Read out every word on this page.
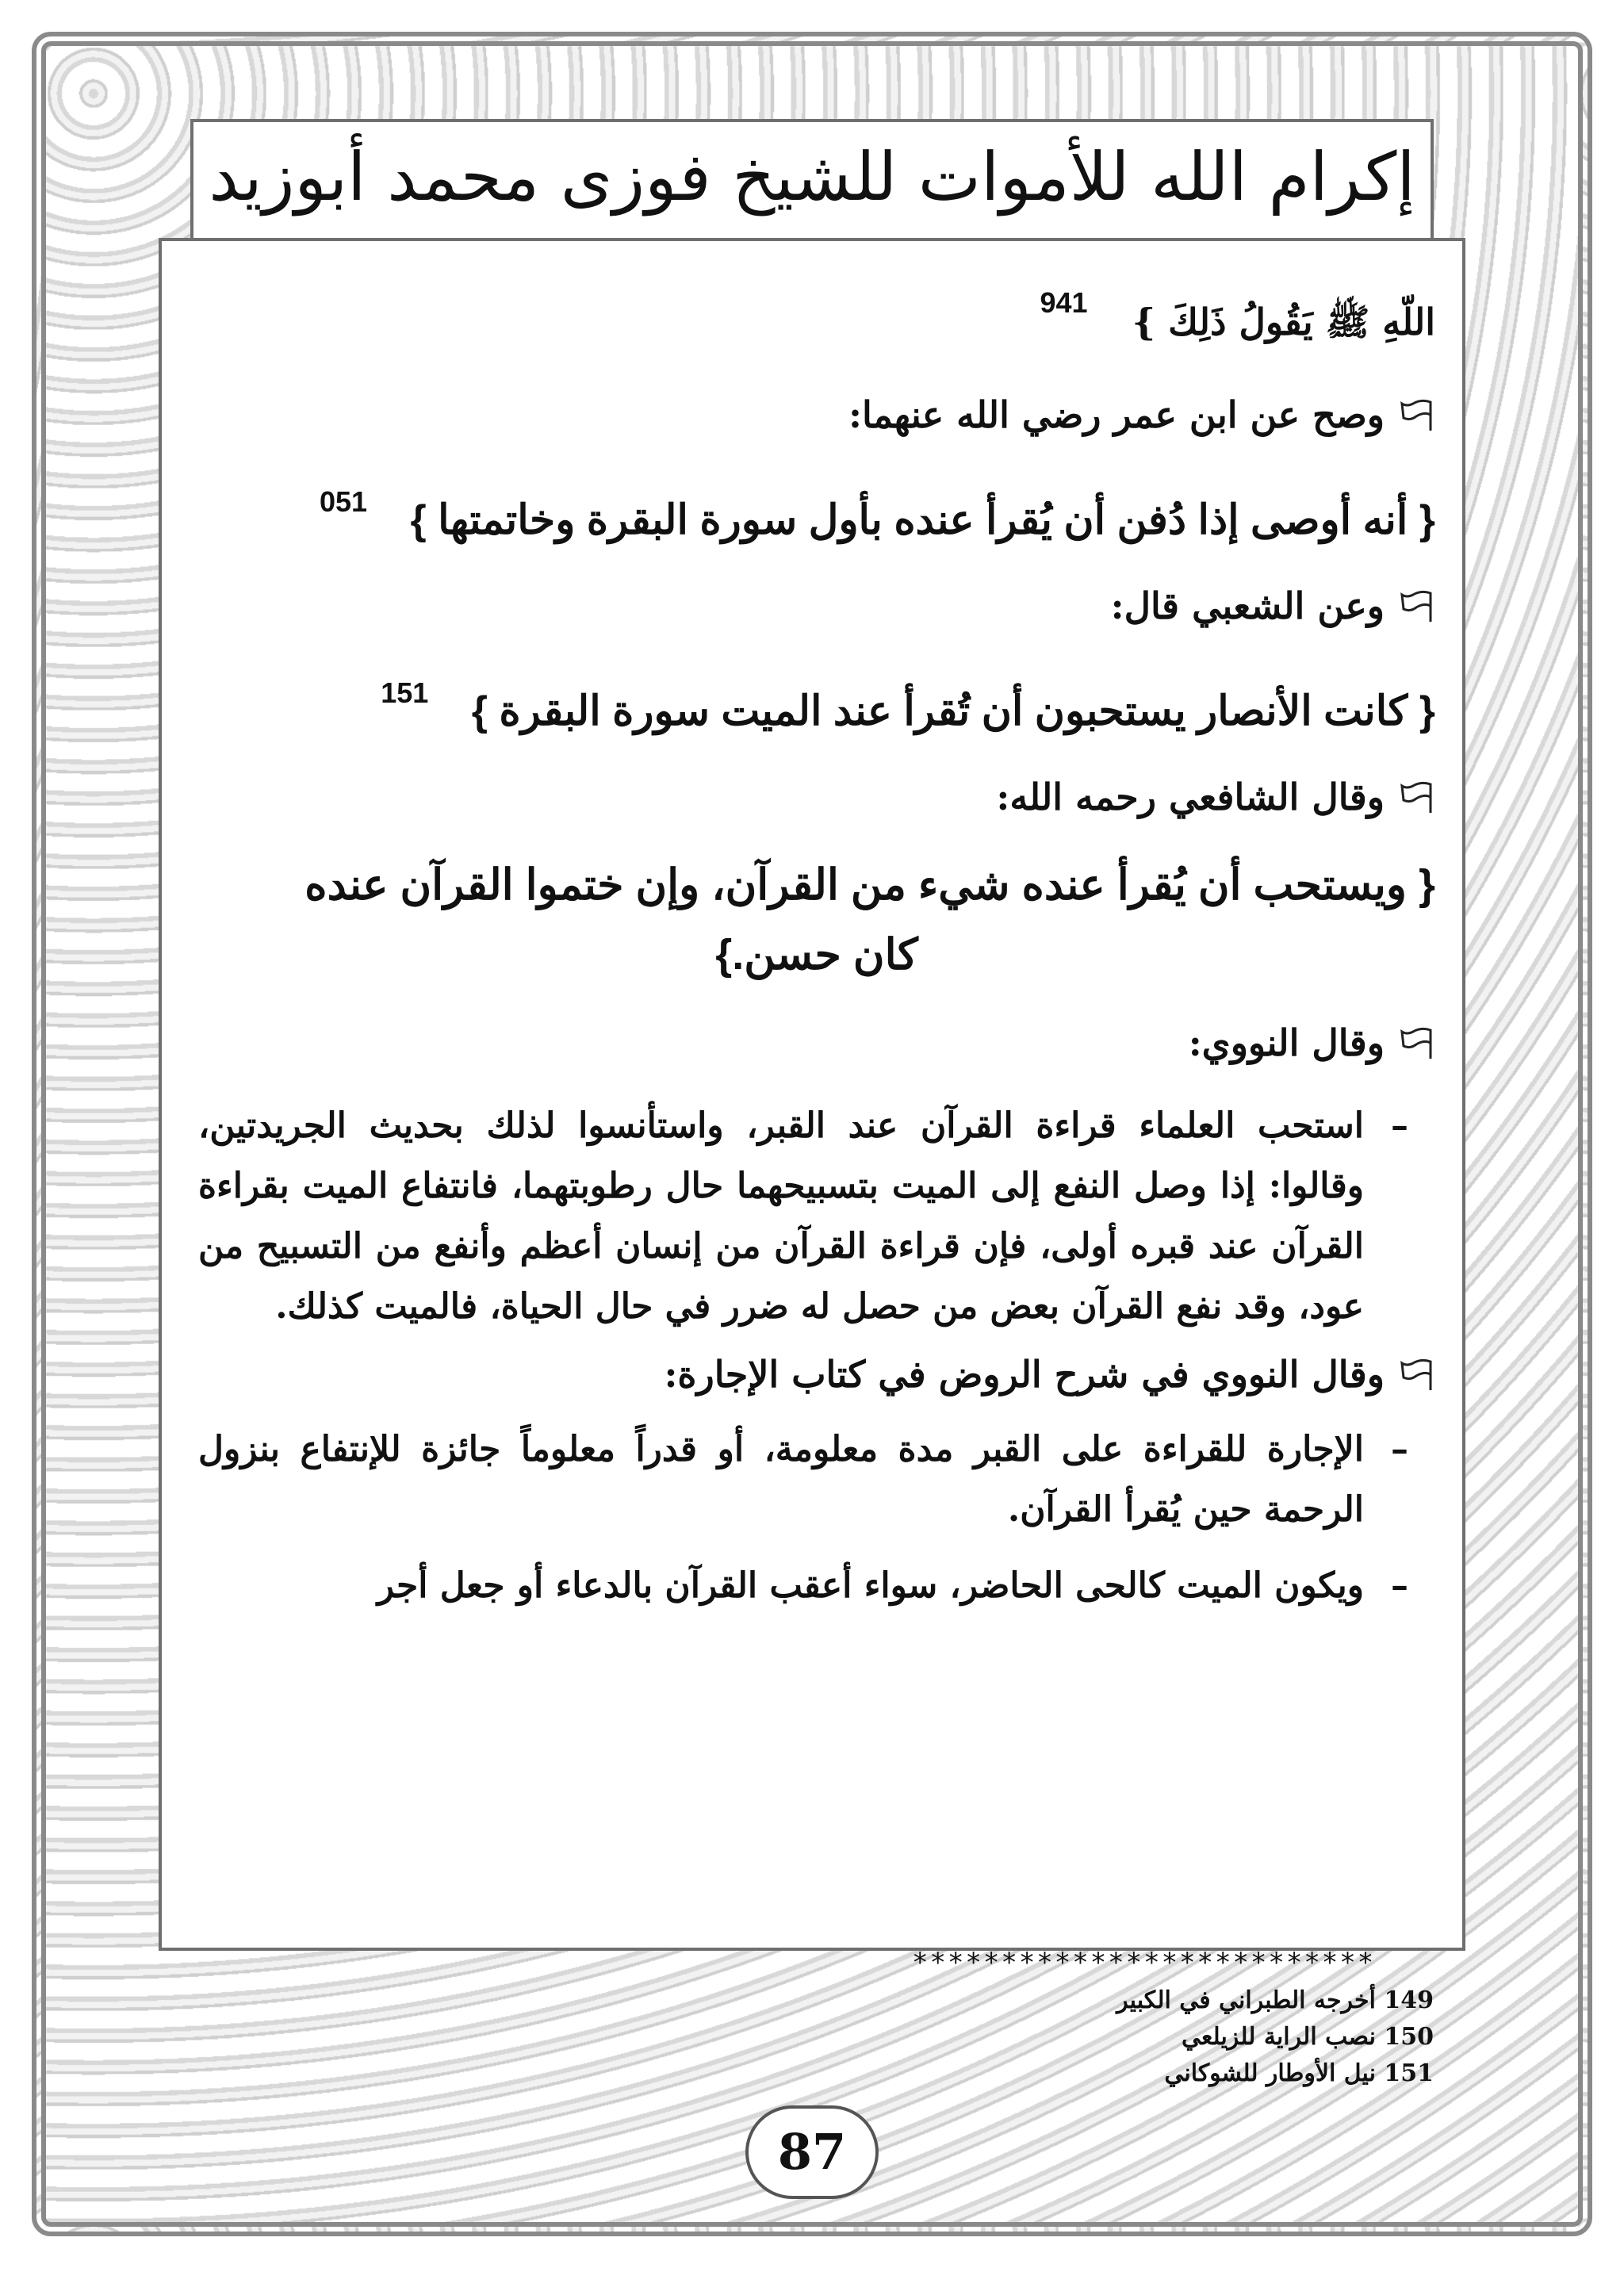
إكرام الله للأموات للشيخ فوزى محمد أبوزيد
اللّهِ ﷺ يَقُولُ ذَلِكَ } $^{941}$
وصح عن ابن عمر رضي الله عنهما:
{ أنه أوصى إذا دُفن أن يُقرأ عنده بأول سورة البقرة وخاتمتها } $^{051}$
وعن الشعبي قال:
{ كانت الأنصار يستحبون أن تُقرأ عند الميت سورة البقرة } $^{151}$
وقال الشافعي رحمه الله:
{ ويستحب أن يُقرأ عنده شيء من القرآن، وإن ختموا القرآن عنده
كان حسن.}
وقال النووي:
–
استحب العلماء قراءة القرآن عند القبر، واستأنسوا لذلك بحديث الجريدتين، وقالوا: إذا وصل النفع إلى الميت بتسبيحهما حال رطوبتهما، فانتفاع الميت بقراءة القرآن عند قبره أولى، فإن قراءة القرآن من إنسان أعظم وأنفع من التسبيح من عود، وقد نفع القرآن بعض من حصل له ضرر في حال الحياة، فالميت كذلك.
وقال النووي في شرح الروض في كتاب الإجارة:
–
الإجارة للقراءة على القبر مدة معلومة، أو قدراً معلوماً جائزة للإنتفاع بنزول الرحمة حين يُقرأ القرآن.
–
ويكون الميت كالحى الحاضر، سواء أعقب القرآن بالدعاء أو جعل أجر
**************************
149 أخرجه الطبراني في الكبير
150 نصب الراية للزيلعي
151 نيل الأوطار للشوكاني
87
